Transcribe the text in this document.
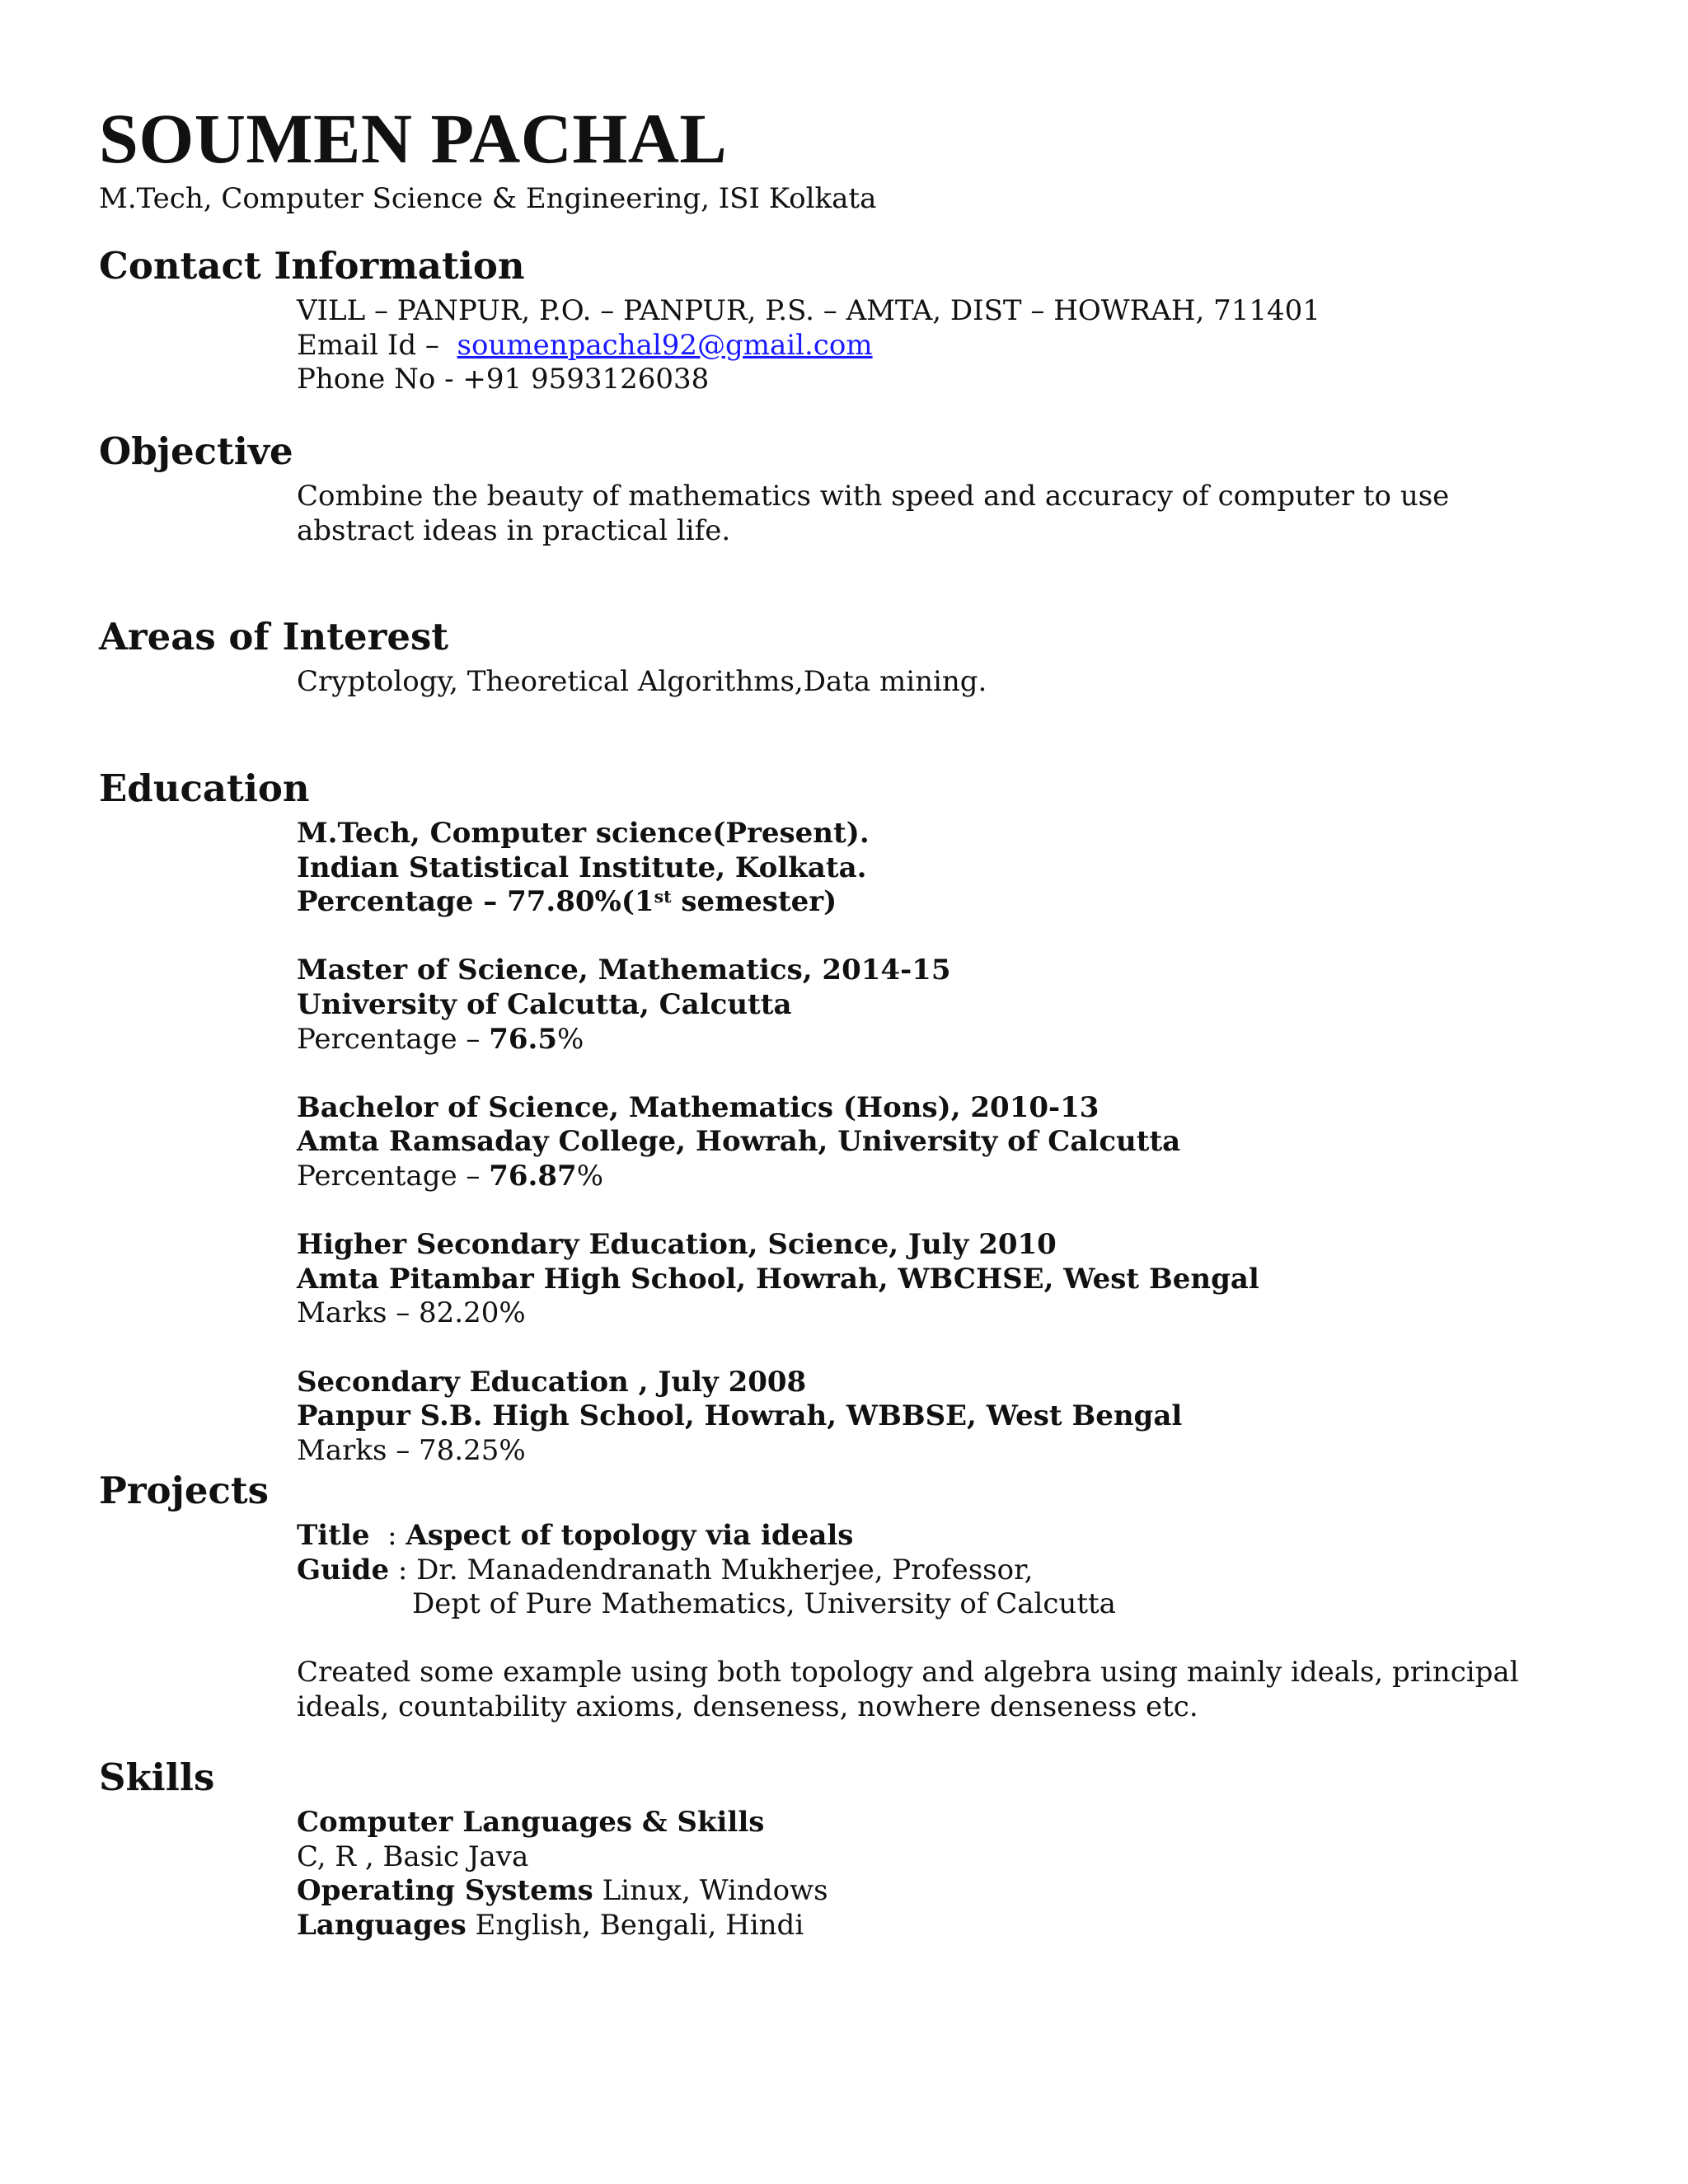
SOUMEN PACHAL

M.Tech, Computer Science & Engineering, ISI Kolkata

Contact Information
VILL – PANPUR, P.O. – PANPUR, P.S. – AMTA, DIST – HOWRAH, 711401
Email Id – soumenpachal92@gmail.com
Phone No - +91 9593126038
Objective
Combine the beauty of mathematics with speed and accuracy of computer to use abstract ideas in practical life.
Areas of Interest
Cryptology, Theoretical Algorithms,Data mining.
Education
M.Tech, Computer science(Present).
Indian Statistical Institute, Kolkata.
Percentage – 77.80%(1st semester)
Master of Science, Mathematics, 2014-15
University of Calcutta, Calcutta
Percentage – 76.5%
Bachelor of Science, Mathematics (Hons), 2010-13
Amta Ramsaday College, Howrah, University of Calcutta
Percentage – 76.87%
Higher Secondary Education, Science, July 2010
Amta Pitambar High School, Howrah, WBCHSE, West Bengal
Marks – 82.20%
Secondary Education , July 2008
Panpur S.B. High School, Howrah, WBBSE, West Bengal
Marks – 78.25%
Projects
Title  : Aspect of topology via ideals
Guide : Dr. Manadendranath Mukherjee, Professor,
Dept of Pure Mathematics, University of Calcutta
Created some example using both topology and algebra using mainly ideals, principal ideals, countability axioms, denseness, nowhere denseness etc.
Skills
Computer Languages & Skills
C, R , Basic Java
Operating Systems Linux, Windows
Languages English, Bengali, Hindi
